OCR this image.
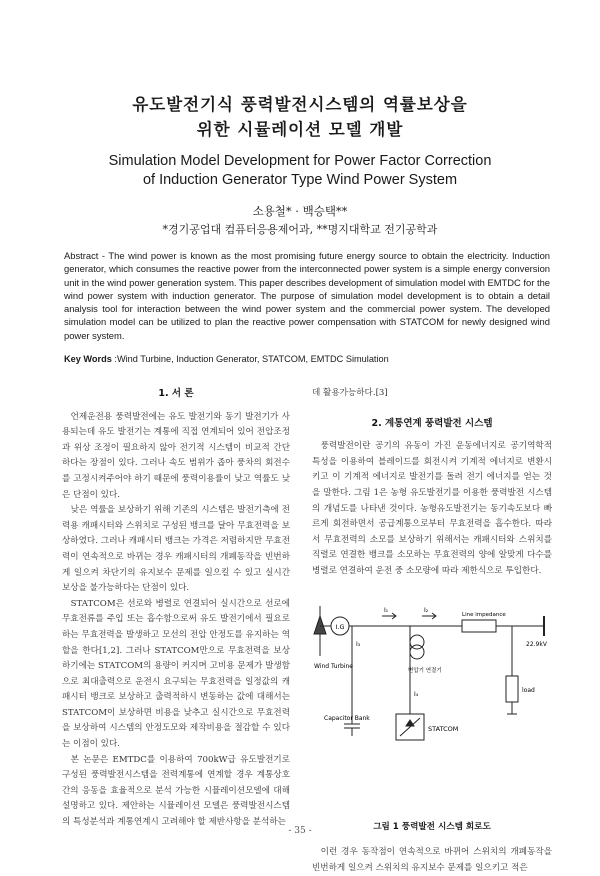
유도발전기식 풍력발전시스템의 역률보상을
위한 시뮬레이션 모델 개발
Simulation Model Development for Power Factor Correction
of Induction Generator Type Wind Power System
소용철* · 백승택**
*경기공업대 컴퓨터응용제어과, **명지대학교 전기공학과
Abstract - The wind power is known as the most promising future energy source to obtain the electricity. Induction generator, which consumes the reactive power from the interconnected power system is a simple energy conversion unit in the wind power generation system. This paper describes development of simulation model with EMTDC for the wind power system with induction generator. The purpose of simulation model development is to obtain a detail analysis tool for interaction between the wind power system and the commercial power system. The developed simulation model can be utilized to plan the reactive power compensation with STATCOM for newly designed wind power system.
Key Words :Wind Turbine, Induction Generator, STATCOM, EMTDC Simulation
1. 서 론

언제운전용 풍력발전에는 유도 발전기와 동기 발전기가 사용되는데 유도 발전기는 계통에 직접 연계되어 있어 전압조정과 위상 조정이 필요하지 않아 전기적 시스템이 비교적 간단하다는 장점이 있다. 그러나 속도 범위가 좁아 풍차의 회전수를 고정시켜주어야 하기 때문에 풍력이용률이 낮고 역률도 낮은 단점이 있다.

낮은 역률을 보상하기 위해 기존의 시스템은 발전기측에 전력용 캐패시터와 스위치로 구성된 뱅크를 달아 무효전력을 보상하였다. 그러나 캐패시터 뱅크는 가격은 저렴하지만 무효전력이 연속적으로 바뀌는 경우 캐패시터의 개폐동작을 빈번하게 일으켜 차단기의 유지보수 문제를 일으킬 수 있고 실시간 보상을 불가능하다는 단점이 있다.

STATCOM은 선로와 병렬로 연결되어 실시간으로 선로에 무효전류를 주입 또는 흡수함으로써 유도 발전기에서 필요로 하는 무효전력을 발생하고 모선의 전압 안정도를 유지하는 역할을 한다[1,2]. 그러나 STATCOM만으로 무효전력을 보상하기에는 STATCOM의 용량이 커지며 고비용 문제가 발생함으로 최대출력으로 운전시 요구되는 무효전력을 일정값의 캐패시터 뱅크로 보상하고 출력적하시 변동하는 값에 대해서는 STATCOM이 보상하면 비용을 낮추고 실시간으로 무효전력을 보상하여 시스템의 안정도모와 제작비용을 절감할 수 있다는 이점이 있다.

본 논문은 EMTDC를 이용하여 700kW급 유도발전기로 구성된 풍력발전시스템을 전력계통에 연계할 경우 계통상호간의 응동을 효율적으로 분석 가능한 시뮬레이션모델에 대해 설명하고 있다. 제안하는 시뮬레이션 모델은 풍력발전시스템의 특성분석과 계통연계시 고려해야 할 제반사항을 분석하는

데 활용가능하다.[3]

2. 계통연계 풍력발전 시스템

풍력발전이란 공기의 유동이 가진 운동에너지로 공기역학적 특성을 이용하여 블레이드를 회전시켜 기계적 에너지로 변환시키고 이 기계적 에너지로 발전기를 돌려 전기 에너지를 얻는 것을 말한다. 그림 1은 농형 유도발전기를 이용한 풍력발전 시스템의 개념도를 나타낸 것이다. 농형유도발전기는 동기속도보다 빠르게 회전하면서 공급계통으로부터 무효전력을 흡수한다. 따라서 무효전력의 소모를 보상하기 위해서는 캐패시터와 스위치를 직렬로 연결한 뱅크를 소모하는 무효전력의 양에 알맞게 다수를 병렬로 연결하여 운전 중 소모량에 따라 제한식으로 투입한다.

I.G
Wind Turbine
Capacitor Bank
STATCOM
Line impedance
변압기 연결기
load
22.9kV
I₁	I₂
I₃
I₄
그림 1 풍력발전 시스템 회로도

이런 경우 동작점이 연속적으로 바뀌어 스위치의 개폐동작을 빈번하게 일으켜 스위치의 유지보수 문제를 일으키고 적은

- 35 -
